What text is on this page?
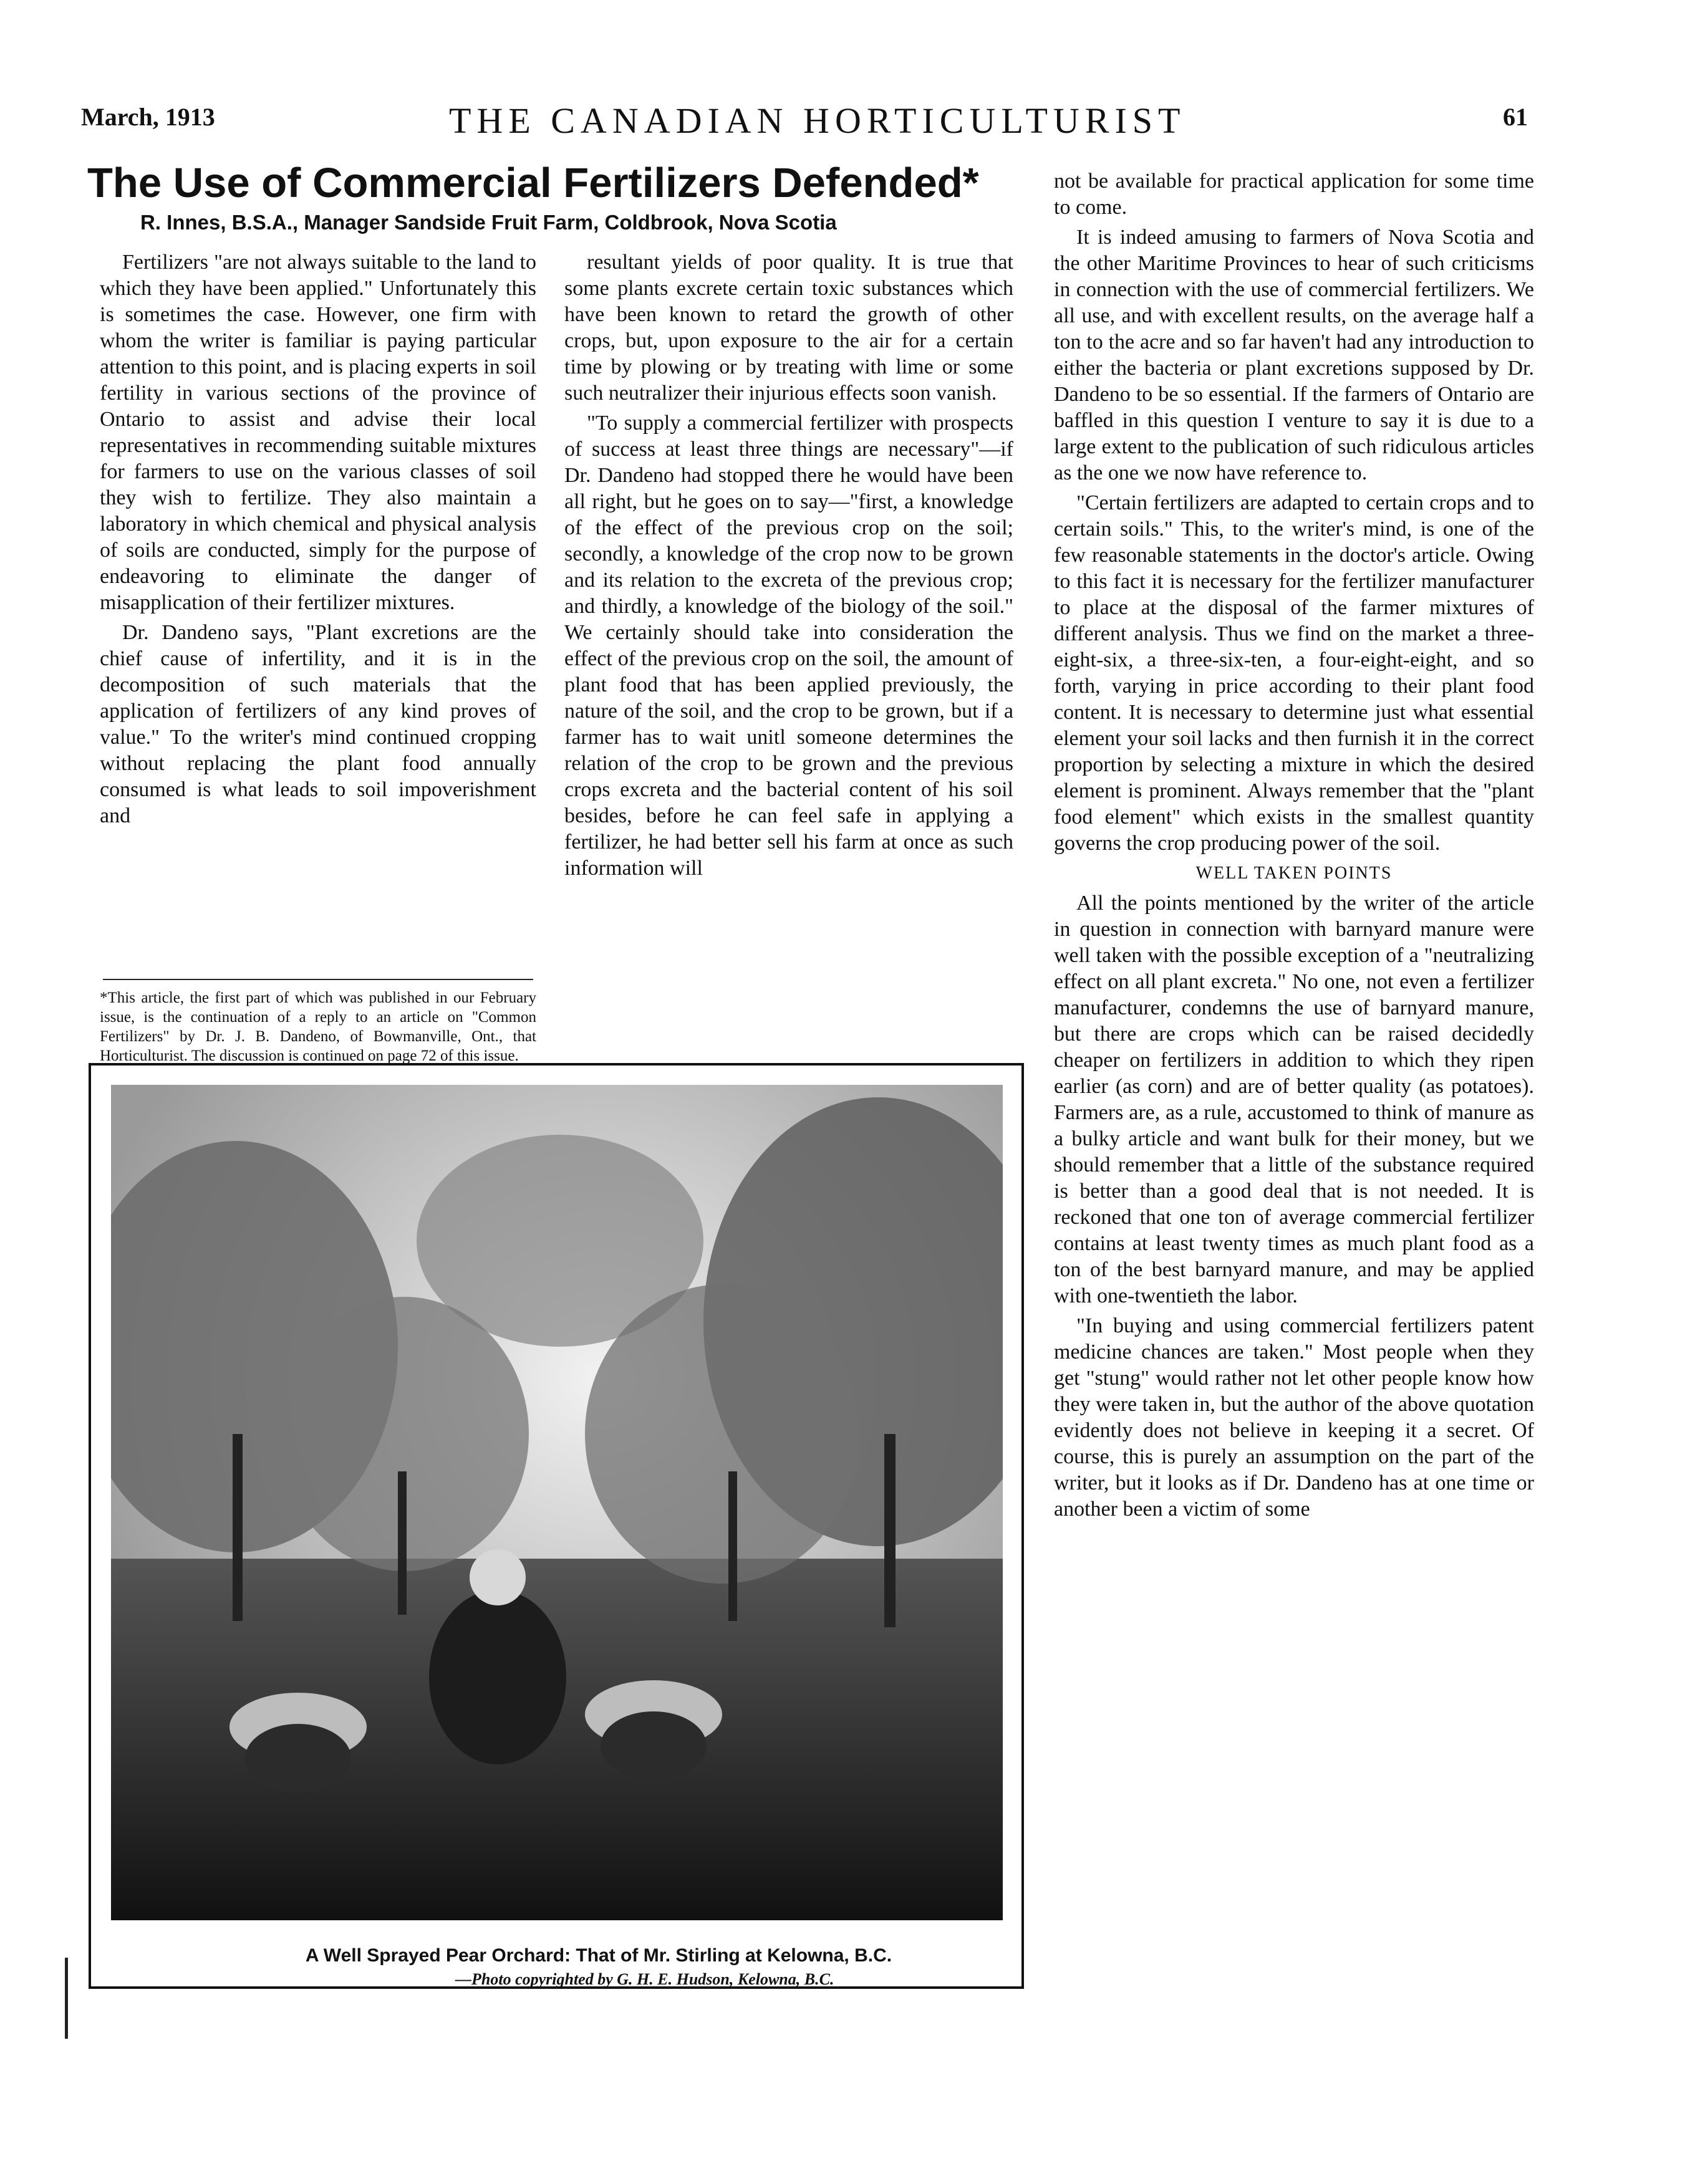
March, 1913	THE CANADIAN HORTICULTURIST	61
The Use of Commercial Fertilizers Defended*
R. Innes, B.S.A., Manager Sandside Fruit Farm, Coldbrook, Nova Scotia

Fertilizers "are not always suitable to the land to which they have been applied." Unfortunately this is sometimes the case. However, one firm with whom the writer is familiar is paying particular attention to this point, and is placing experts in soil fertility in various sections of the province of Ontario to assist and advise their local representatives in recommending suitable mixtures for farmers to use on the various classes of soil they wish to fertilize. They also maintain a laboratory in which chemical and physical analysis of soils are conducted, simply for the purpose of endeavoring to eliminate the danger of misapplication of their fertilizer mixtures.

Dr. Dandeno says, "Plant excretions are the chief cause of infertility, and it is in the decomposition of such materials that the application of fertilizers of any kind proves of value." To the writer's mind continued cropping without replacing the plant food annually consumed is what leads to soil impoverishment and

*This article, the first part of which was published in our February issue, is the continuation of a reply to an article on "Common Fertilizers" by Dr. J. B. Dandeno, of Bowmanville, Ont., that Horticulturist. The discussion is continued on page 72 of this issue.

resultant yields of poor quality. It is true that some plants excrete certain toxic substances which have been known to retard the growth of other crops, but, upon exposure to the air for a certain time by plowing or by treating with lime or some such neutralizer their injurious effects soon vanish.

"To supply a commercial fertilizer with prospects of success at least three things are necessary"—if Dr. Dandeno had stopped there he would have been all right, but he goes on to say—"first, a knowledge of the effect of the previous crop on the soil; secondly, a knowledge of the crop now to be grown and its relation to the excreta of the previous crop; and thirdly, a knowledge of the biology of the soil." We certainly should take into consideration the effect of the previous crop on the soil, the amount of plant food that has been applied previously, the nature of the soil, and the crop to be grown, but if a farmer has to wait unitl someone determines the relation of the crop to be grown and the previous crops excreta and the bacterial content of his soil besides, before he can feel safe in applying a fertilizer, he had better sell his farm at once as such information will

not be available for practical application for some time to come.

It is indeed amusing to farmers of Nova Scotia and the other Maritime Provinces to hear of such criticisms in connection with the use of commercial fertilizers. We all use, and with excellent results, on the average half a ton to the acre and so far haven't had any introduction to either the bacteria or plant excretions supposed by Dr. Dandeno to be so essential. If the farmers of Ontario are baffled in this question I venture to say it is due to a large extent to the publication of such ridiculous articles as the one we now have reference to.

"Certain fertilizers are adapted to certain crops and to certain soils." This, to the writer's mind, is one of the few reasonable statements in the doctor's article. Owing to this fact it is necessary for the fertilizer manufacturer to place at the disposal of the farmer mixtures of different analysis. Thus we find on the market a three-eight-six, a three-six-ten, a four-eight-eight, and so forth, varying in price according to their plant food content. It is necessary to determine just what essential element your soil lacks and then furnish it in the correct proportion by selecting a mixture in which the desired element is prominent. Always remember that the "plant food element" which exists in the smallest quantity governs the crop producing power of the soil.

WELL TAKEN POINTS

All the points mentioned by the writer of the article in question in connection with barnyard manure were well taken with the possible exception of a "neutralizing effect on all plant excreta." No one, not even a fertilizer manufacturer, condemns the use of barnyard manure, but there are crops which can be raised decidedly cheaper on fertilizers in addition to which they ripen earlier (as corn) and are of better quality (as potatoes). Farmers are, as a rule, accustomed to think of manure as a bulky article and want bulk for their money, but we should remember that a little of the substance required is better than a good deal that is not needed. It is reckoned that one ton of average commercial fertilizer contains at least twenty times as much plant food as a ton of the best barnyard manure, and may be applied with one-twentieth the labor.

"In buying and using commercial fertilizers patent medicine chances are taken." Most people when they get "stung" would rather not let other people know how they were taken in, but the author of the above quotation evidently does not believe in keeping it a secret. Of course, this is purely an assumption on the part of the writer, but it looks as if Dr. Dandeno has at one time or another been a victim of some

A Well Sprayed Pear Orchard: That of Mr. Stirling at Kelowna, B.C.
—Photo copyrighted by G. H. E. Hudson, Kelowna, B.C.
